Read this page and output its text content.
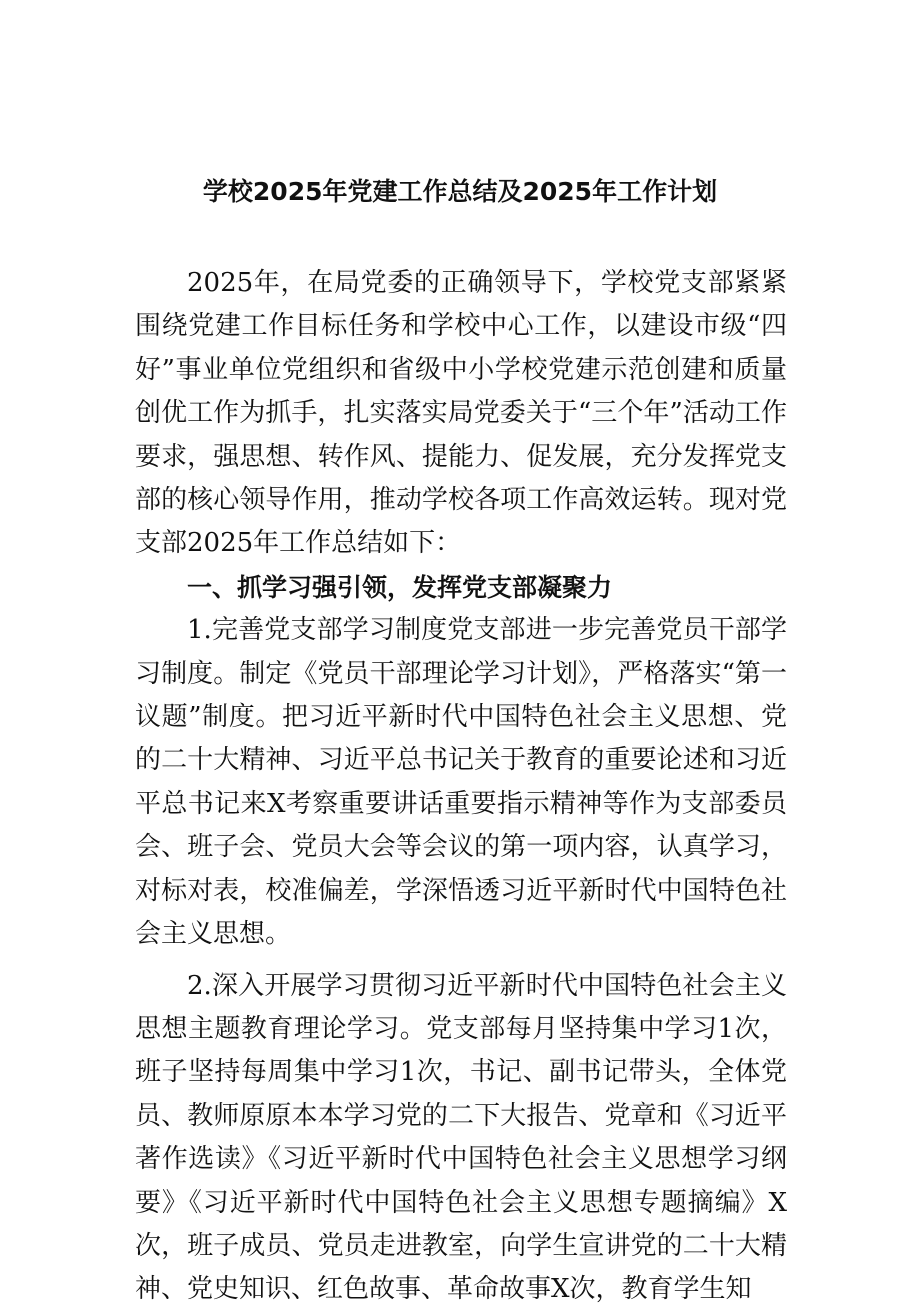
学校2025年党建工作总结及2025年工作计划

2025年，在局党委的正确领导下，学校党支部紧紧围绕党建工作目标任务和学校中心工作，以建设市级“四好”事业单位党组织和省级中小学校党建示范创建和质量创优工作为抓手，扎实落实局党委关于“三个年”活动工作要求，强思想、转作风、提能力、促发展，充分发挥党支部的核心领导作用，推动学校各项工作高效运转。现对党支部2025年工作总结如下：

一、抓学习强引领，发挥党支部凝聚力

1.完善党支部学习制度党支部进一步完善党员干部学习制度。制定《党员干部理论学习计划》，严格落实“第一议题”制度。把习近平新时代中国特色社会主义思想、党的二十大精神、习近平总书记关于教育的重要论述和习近平总书记来X考察重要讲话重要指示精神等作为支部委员会、班子会、党员大会等会议的第一项内容，认真学习，对标对表，校准偏差，学深悟透习近平新时代中国特色社会主义思想。

2.深入开展学习贯彻习近平新时代中国特色社会主义思想主题教育理论学习。党支部每月坚持集中学习1次，班子坚持每周集中学习1次，书记、副书记带头，全体党员、教师原原本本学习党的二下大报告、党章和《习近平著作选读》《习近平新时代中国特色社会主义思想学习纲要》《习近平新时代中国特色社会主义思想专题摘编》X次，班子成员、党员走进教室，向学生宣讲党的二十大精神、党史知识、红色故事、革命故事X次，教育学生知
